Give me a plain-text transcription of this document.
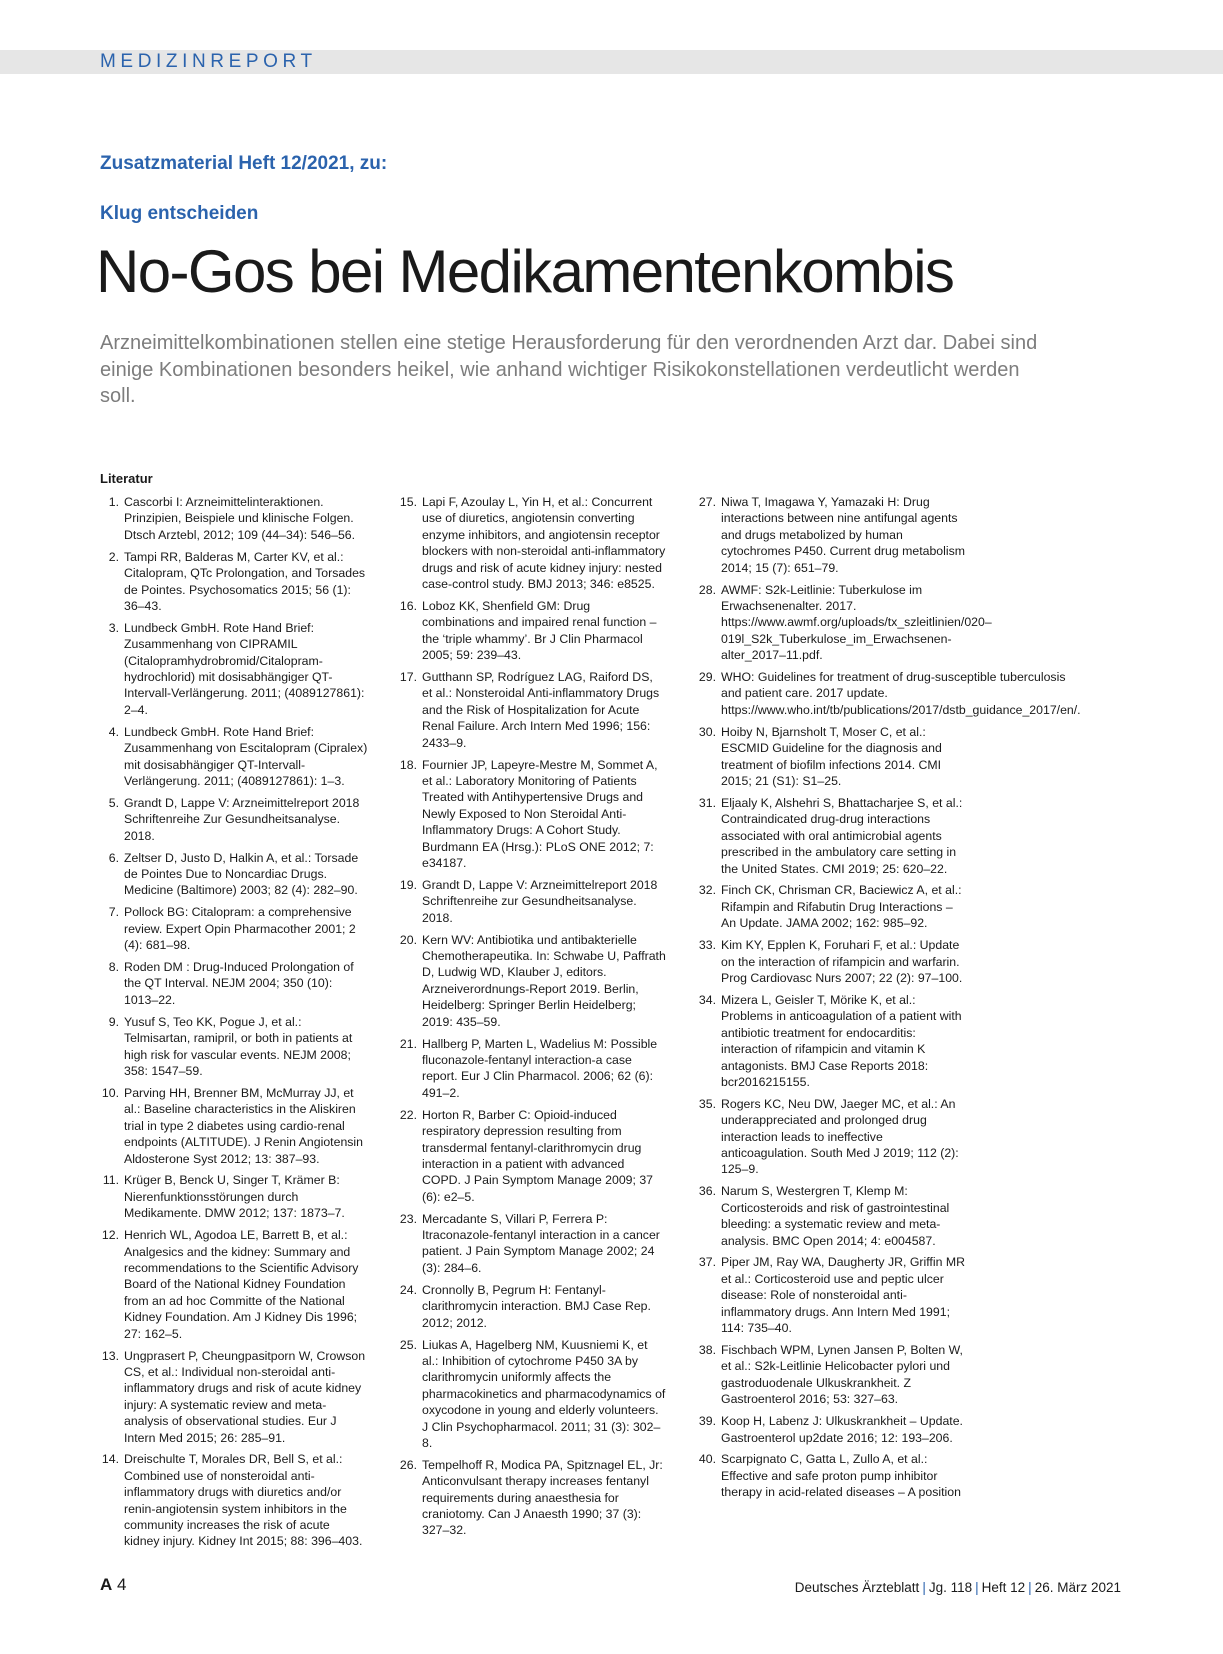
MEDIZINREPORT
Zusatzmaterial Heft 12/2021, zu:
Klug entscheiden
No-Gos bei Medikamentenkombis

Arzneimittelkombinationen stellen eine stetige Herausforderung für den verordnenden Arzt dar. Dabei sind einige Kombinationen besonders heikel, wie anhand wichtiger Risikokonstellationen verdeutlicht werden soll.

Literatur
1. Cascorbi I: Arzneimittelinteraktionen. Prinzipien, Beispiele und klinische Folgen. Dtsch Arztebl, 2012; 109 (44–34): 546–56.
2. Tampi RR, Balderas M, Carter KV, et al.: Citalopram, QTc Prolongation, and Torsades de Pointes. Psychosomatics 2015; 56 (1): 36–43.
3. Lundbeck GmbH. Rote Hand Brief: Zusammenhang von CIPRAMIL (Citalopramhydrobromid/Citalopram-hydrochlorid) mit dosisabhängiger QT-Intervall-Verlängerung. 2011; (4089127861): 2–4.
4. Lundbeck GmbH. Rote Hand Brief: Zusammenhang von Escitalopram (Cipralex) mit dosisabhängiger QT-Intervall-Verlängerung. 2011; (4089127861): 1–3.
5. Grandt D, Lappe V: Arzneimittelreport 2018 Schriftenreihe Zur Gesundheitsanalyse. 2018.
6. Zeltser D, Justo D, Halkin A, et al.: Torsade de Pointes Due to Noncardiac Drugs. Medicine (Baltimore) 2003; 82 (4): 282–90.
7. Pollock BG: Citalopram: a comprehensive review. Expert Opin Pharmacother 2001; 2 (4): 681–98.
8. Roden DM : Drug-Induced Prolongation of the QT Interval. NEJM 2004; 350 (10): 1013–22.
9. Yusuf S, Teo KK, Pogue J, et al.: Telmisartan, ramipril, or both in patients at high risk for vascular events. NEJM 2008; 358: 1547–59.
10. Parving HH, Brenner BM, McMurray JJ, et al.: Baseline characteristics in the Aliskiren trial in type 2 diabetes using cardio-renal endpoints (ALTITUDE). J Renin Angiotensin Aldosterone Syst 2012; 13: 387–93.
11. Krüger B, Benck U, Singer T, Krämer B: Nierenfunktionsstörungen durch Medikamente. DMW 2012; 137: 1873–7.
12. Henrich WL, Agodoa LE, Barrett B, et al.: Analgesics and the kidney: Summary and recommendations to the Scientific Advisory Board of the National Kidney Foundation from an ad hoc Committe of the National Kidney Foundation. Am J Kidney Dis 1996; 27: 162–5.
13. Ungprasert P, Cheungpasitporn W, Crowson CS, et al.: Individual non-steroidal anti-inflammatory drugs and risk of acute kidney injury: A systematic review and meta-analysis of observational studies. Eur J Intern Med 2015; 26: 285–91.
14. Dreischulte T, Morales DR, Bell S, et al.: Combined use of nonsteroidal anti-inflammatory drugs with diuretics and/or renin-angiotensin system inhibitors in the community increases the risk of acute kidney injury. Kidney Int 2015; 88: 396–403.
15. Lapi F, Azoulay L, Yin H, et al.: Concurrent use of diuretics, angiotensin converting enzyme inhibitors, and angiotensin receptor blockers with non-steroidal anti-inflammatory drugs and risk of acute kidney injury: nested case-control study. BMJ 2013; 346: e8525.
16. Loboz KK, Shenfield GM: Drug combinations and impaired renal function – the ‘triple whammy’. Br J Clin Pharmacol 2005; 59: 239–43.
17. Gutthann SP, Rodríguez LAG, Raiford DS, et al.: Nonsteroidal Anti-inflammatory Drugs and the Risk of Hospitalization for Acute Renal Failure. Arch Intern Med 1996; 156: 2433–9.
18. Fournier JP, Lapeyre-Mestre M, Sommet A, et al.: Laboratory Monitoring of Patients Treated with Antihypertensive Drugs and Newly Exposed to Non Steroidal Anti-Inflammatory Drugs: A Cohort Study. Burdmann EA (Hrsg.): PLoS ONE 2012; 7: e34187.
19. Grandt D, Lappe V: Arzneimittelreport 2018 Schriftenreihe zur Gesundheitsanalyse. 2018.
20. Kern WV: Antibiotika und antibakterielle Chemotherapeutika. In: Schwabe U, Paffrath D, Ludwig WD, Klauber J, editors. Arzneiverordnungs-Report 2019. Berlin, Heidelberg: Springer Berlin Heidelberg; 2019: 435–59.
21. Hallberg P, Marten L, Wadelius M: Possible fluconazole-fentanyl interaction-a case report. Eur J Clin Pharmacol. 2006; 62 (6): 491–2.
22. Horton R, Barber C: Opioid-induced respiratory depression resulting from transdermal fentanyl-clarithromycin drug interaction in a patient with advanced COPD. J Pain Symptom Manage 2009; 37 (6): e2–5.
23. Mercadante S, Villari P, Ferrera P: Itraconazole-fentanyl interaction in a cancer patient. J Pain Symptom Manage 2002; 24 (3): 284–6.
24. Cronnolly B, Pegrum H: Fentanyl-clarithromycin interaction. BMJ Case Rep. 2012; 2012.
25. Liukas A, Hagelberg NM, Kuusniemi K, et al.: Inhibition of cytochrome P450 3A by clarithromycin uniformly affects the pharmacokinetics and pharmacodynamics of oxycodone in young and elderly volunteers. J Clin Psychopharmacol. 2011; 31 (3): 302–8.
26. Tempelhoff R, Modica PA, Spitznagel EL, Jr: Anticonvulsant therapy increases fentanyl requirements during anaesthesia for craniotomy. Can J Anaesth 1990; 37 (3): 327–32.
27. Niwa T, Imagawa Y, Yamazaki H: Drug interactions between nine antifungal agents and drugs metabolized by human cytochromes P450. Current drug metabolism 2014; 15 (7): 651–79.
28. AWMF: S2k-Leitlinie: Tuberkulose im Erwachsenenalter. 2017. https://www.awmf.org/uploads/tx_szleitlinien/020–019l_S2k_Tuberkulose_im_Erwachsenen-alter_2017–11.pdf.
29. WHO: Guidelines for treatment of drug-susceptible tuberculosis and patient care. 2017 update. https://www.who.int/tb/publications/2017/dstb_guidance_2017/en/.
30. Hoiby N, Bjarnsholt T, Moser C, et al.: ESCMID Guideline for the diagnosis and treatment of biofilm infections 2014. CMI 2015; 21 (S1): S1–25.
31. Eljaaly K, Alshehri S, Bhattacharjee S, et al.: Contraindicated drug-drug interactions associated with oral antimicrobial agents prescribed in the ambulatory care setting in the United States. CMI 2019; 25: 620–22.
32. Finch CK, Chrisman CR, Baciewicz A, et al.: Rifampin and Rifabutin Drug Interactions – An Update. JAMA 2002; 162: 985–92.
33. Kim KY, Epplen K, Foruhari F, et al.: Update on the interaction of rifampicin and warfarin. Prog Cardiovasc Nurs 2007; 22 (2): 97–100.
34. Mizera L, Geisler T, Mörike K, et al.: Problems in anticoagulation of a patient with antibiotic treatment for endocarditis: interaction of rifampicin and vitamin K antagonists. BMJ Case Reports 2018: bcr2016215155.
35. Rogers KC, Neu DW, Jaeger MC, et al.: An underappreciated and prolonged drug interaction leads to ineffective anticoagulation. South Med J 2019; 112 (2): 125–9.
36. Narum S, Westergren T, Klemp M: Corticosteroids and risk of gastrointestinal bleeding: a systematic review and meta-analysis. BMC Open 2014; 4: e004587.
37. Piper JM, Ray WA, Daugherty JR, Griffin MR et al.: Corticosteroid use and peptic ulcer disease: Role of nonsteroidal anti-inflammatory drugs. Ann Intern Med 1991; 114: 735–40.
38. Fischbach WPM, Lynen Jansen P, Bolten W, et al.: S2k-Leitlinie Helicobacter pylori und gastroduodenale Ulkuskrankheit. Z Gastroenterol 2016; 53: 327–63.
39. Koop H, Labenz J: Ulkuskrankheit – Update. Gastroenterol up2date 2016; 12: 193–206.
40. Scarpignato C, Gatta L, Zullo A, et al.: Effective and safe proton pump inhibitor therapy in acid-related diseases – A position
A 4	Deutsches Ärzteblatt | Jg. 118 | Heft 12 | 26. März 2021
